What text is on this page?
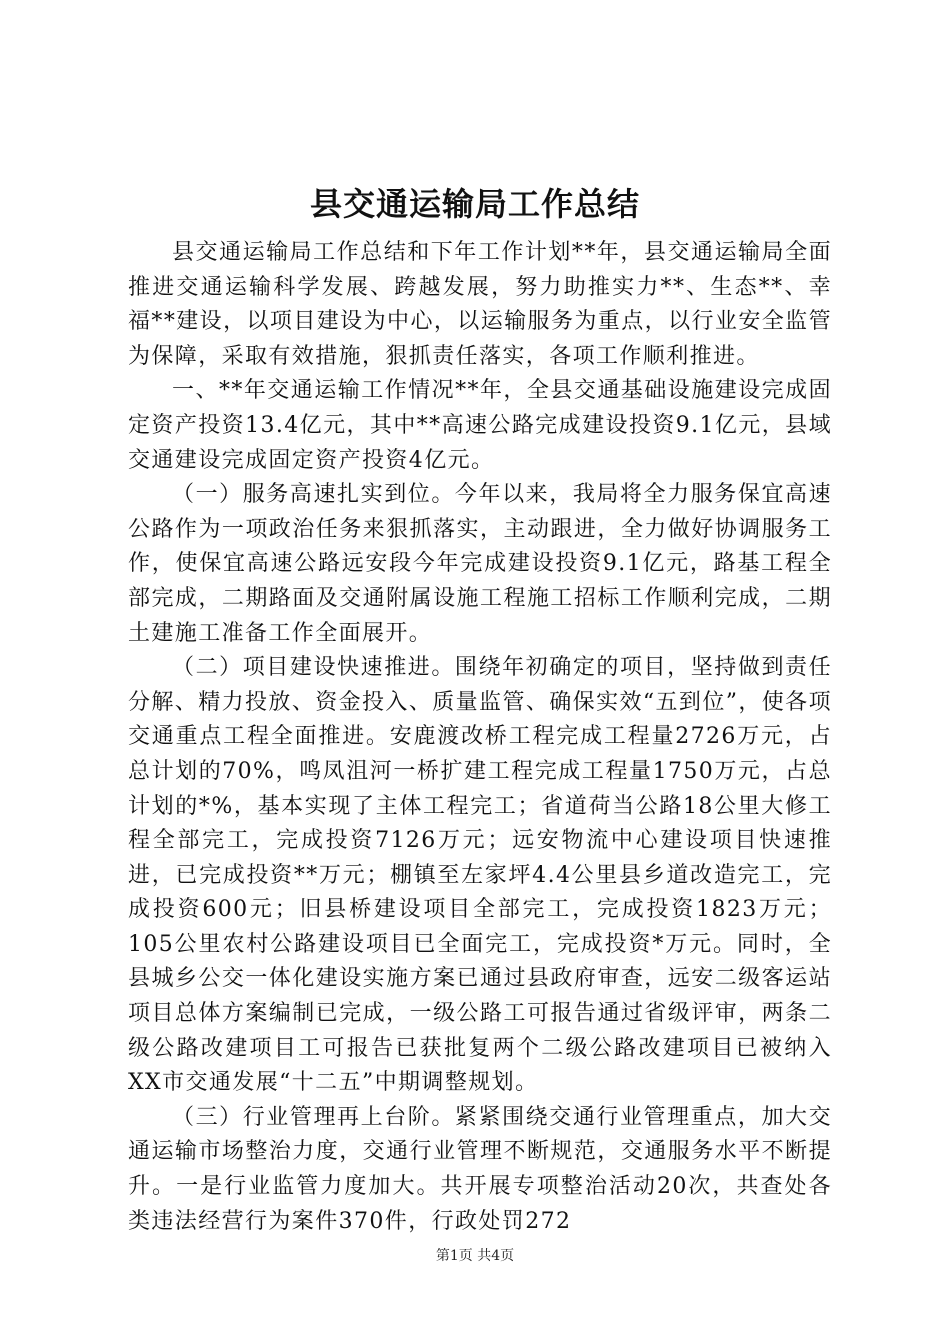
县交通运输局工作总结

县交通运输局工作总结和下年工作计划**年，县交通运输局全面推进交通运输科学发展、跨越发展，努力助推实力**、生态**、幸福**建设，以项目建设为中心，以运输服务为重点，以行业安全监管为保障，采取有效措施，狠抓责任落实，各项工作顺利推进。

一、**年交通运输工作情况**年，全县交通基础设施建设完成固定资产投资13.4亿元，其中**高速公路完成建设投资9.1亿元，县域交通建设完成固定资产投资4亿元。

（一）服务高速扎实到位。今年以来，我局将全力服务保宜高速公路作为一项政治任务来狠抓落实，主动跟进，全力做好协调服务工作，使保宜高速公路远安段今年完成建设投资9.1亿元，路基工程全部完成，二期路面及交通附属设施工程施工招标工作顺利完成，二期土建施工准备工作全面展开。

（二）项目建设快速推进。围绕年初确定的项目，坚持做到责任分解、精力投放、资金投入、质量监管、确保实效“五到位”，使各项交通重点工程全面推进。安鹿渡改桥工程完成工程量2726万元，占总计划的70%，鸣凤沮河一桥扩建工程完成工程量1750万元，占总计划的*%，基本实现了主体工程完工；省道荷当公路18公里大修工程全部完工，完成投资7126万元；远安物流中心建设项目快速推进，已完成投资**万元；棚镇至左家坪4.4公里县乡道改造完工，完成投资600元；旧县桥建设项目全部完工，完成投资1823万元；105公里农村公路建设项目已全面完工，完成投资*万元。同时，全县城乡公交一体化建设实施方案已通过县政府审查，远安二级客运站项目总体方案编制已完成，一级公路工可报告通过省级评审，两条二级公路改建项目工可报告已获批复两个二级公路改建项目已被纳入XX市交通发展“十二五”中期调整规划。

（三）行业管理再上台阶。紧紧围绕交通行业管理重点，加大交通运输市场整治力度，交通行业管理不断规范，交通服务水平不断提升。一是行业监管力度加大。共开展专项整治活动20次，共查处各类违法经营行为案件370件，行政处罚272

第1页 共4页
